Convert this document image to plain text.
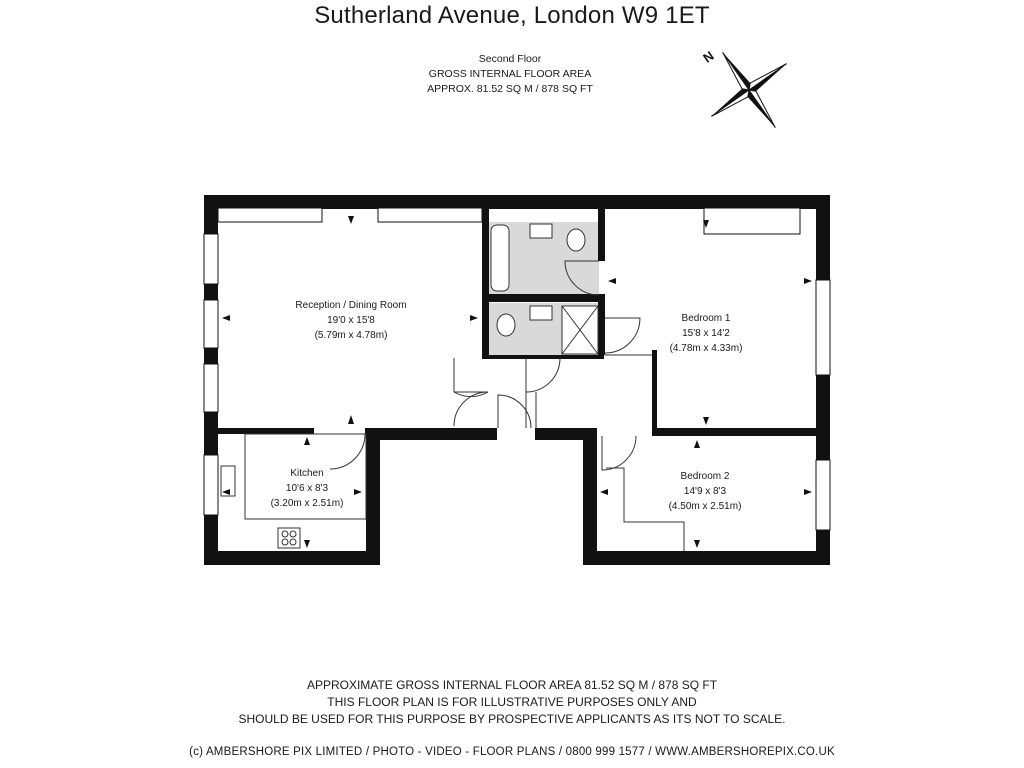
Sutherland Avenue, London W9 1ET
Second Floor
GROSS INTERNAL FLOOR AREA
APPROX. 81.52 SQ M / 878 SQ FT
N
Reception / Dining Room
19'0 x 15'8
(5.79m x 4.78m)
Bedroom 1
15'8 x 14'2
(4.78m x 4.33m)
Kitchen
10'6 x 8'3
(3.20m x 2.51m)
Bedroom 2
14'9 x 8'3
(4.50m x 2.51m)
APPROXIMATE GROSS INTERNAL FLOOR AREA 81.52 SQ M / 878 SQ FT
THIS FLOOR PLAN IS FOR ILLUSTRATIVE PURPOSES ONLY AND
SHOULD BE USED FOR THIS PURPOSE BY PROSPECTIVE APPLICANTS AS ITS NOT TO SCALE.
(c) AMBERSHORE PIX LIMITED / PHOTO - VIDEO - FLOOR PLANS / 0800 999 1577 / WWW.AMBERSHOREPIX.CO.UK
